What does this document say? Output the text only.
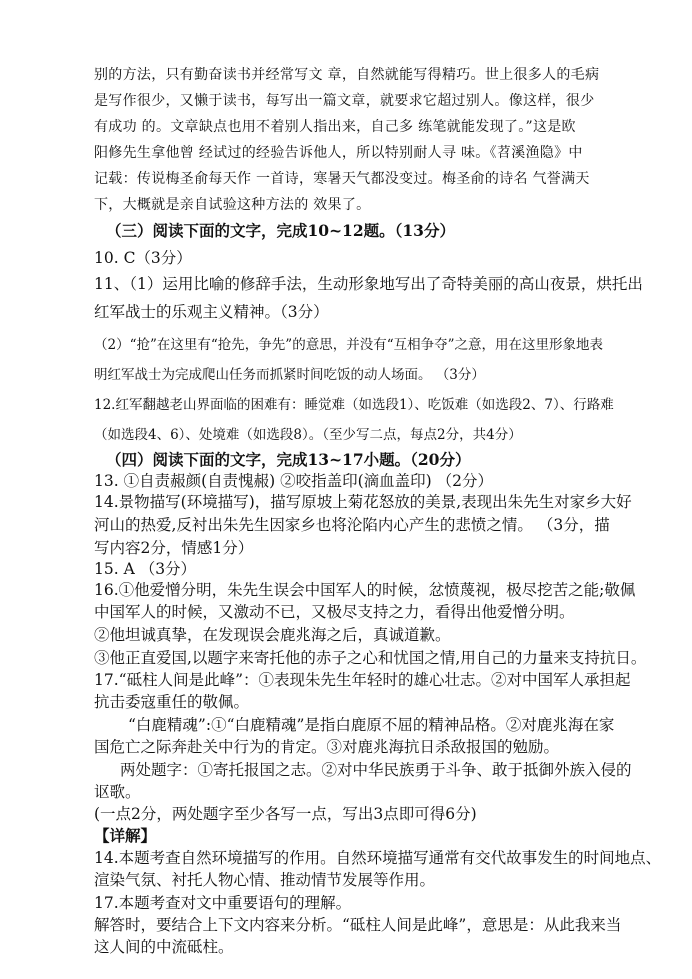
别的方法，只有勤奋读书并经常写文 章，自然就能写得精巧。世上很多人的毛病
是写作很少，又懒于读书，每写出一篇文章，就要求它超过别人。像这样，很少
有成功 的。文章缺点也用不着别人指出来，自己多 练笔就能发现了。”这是欧
阳修先生拿他曾 经试过的经验告诉他人，所以特别耐人寻 味。《苕溪渔隐》中
记载：传说梅圣俞每天作 一首诗，寒暑天气都没变过。梅圣俞的诗名 气誉满天
下，大概就是亲自试验这种方法的 效果了。
（三）阅读下面的文字，完成10~12题。（13分）
10. C（3分）
11、（1）运用比喻的修辞手法，生动形象地写出了奇特美丽的高山夜景，烘托出
红军战士的乐观主义精神。（3分）
（2）“抢”在这里有“抢先，争先”的意思，并没有“互相争夺”之意，用在这里形象地表
明红军战士为完成爬山任务而抓紧时间吃饭的动人场面。 （3分）
12.红军翻越老山界面临的困难有：睡觉难（如选段1）、吃饭难（如选段2、7）、行路难
（如选段4、6）、处境难（如选段8）。（至少写二点，每点2分，共4分）
（四）阅读下面的文字，完成13~17小题。（20分）
13. ①自责赧颜(自责愧赧) ②咬指盖印(滴血盖印) （2分）
14.景物描写(环境描写)，描写原坡上菊花怒放的美景,表现出朱先生对家乡大好
河山的热爱,反衬出朱先生因家乡也将沦陷内心产生的悲愤之情。 （3分，描
写内容2分，情感1分）
15. A （3分）
16.①他爱憎分明，朱先生误会中国军人的时候，忿愤蔑视，极尽挖苦之能;敬佩
中国军人的时候，又激动不已，又极尽支持之力，看得出他爱憎分明。
②他坦诚真挚，在发现误会鹿兆海之后，真诚道歉。
③他正直爱国,以题字来寄托他的赤子之心和忧国之情,用自己的力量来支持抗日。
17.“砥柱人间是此峰”：①表现朱先生年轻时的雄心壮志。②对中国军人承担起
抗击委寇重任的敬佩。
“白鹿精魂”:①“白鹿精魂”是指白鹿原不屈的精神品格。②对鹿兆海在家
国危亡之际奔赴关中行为的肯定。③对鹿兆海抗日杀敌报国的勉励。
两处题字：①寄托报国之志。②对中华民族勇于斗争、敢于抵御外族入侵的
讴歌。
(一点2分，两处题字至少各写一点，写出3点即可得6分)
【详解】
14.本题考查自然环境描写的作用。自然环境描写通常有交代故事发生的时间地点、
渲染气氛、衬托人物心情、推动情节发展等作用。
17.本题考查对文中重要语句的理解。
解答时，要结合上下文内容来分析。“砥柱人间是此峰”，意思是：从此我来当
这人间的中流砥柱。
